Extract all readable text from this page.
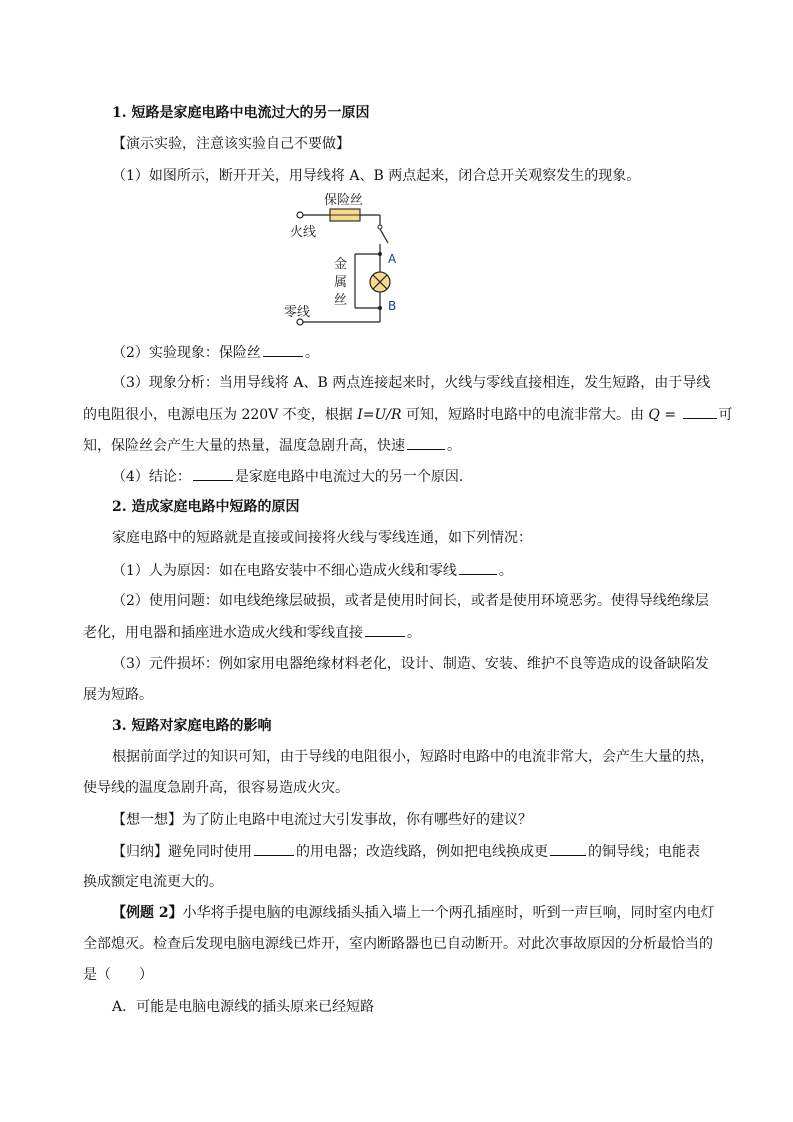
1. 短路是家庭电路中电流过大的另一原因
【演示实验，注意该实验自己不要做】
（1）如图所示，断开开关，用导线将 A、B 两点起来，闭合总开关观察发生的现象。
保险丝
火线
零线
金
属
丝
A
B
（2）实验现象：保险丝	。
（3）现象分析：当用导线将 A、B 两点连接起来时，火线与零线直接相连，发生短路，由于导线
的电阻很小，电源电压为 220V 不变，根据 I=U/R 可知，短路时电路中的电流非常大。由 Q =	可
知，保险丝会产生大量的热量，温度急剧升高，快速	。
（4）结论：	是家庭电路中电流过大的另一个原因.
2. 造成家庭电路中短路的原因
家庭电路中的短路就是直接或间接将火线与零线连通，如下列情况：
（1）人为原因：如在电路安装中不细心造成火线和零线	。
（2）使用问题：如电线绝缘层破损，或者是使用时间长，或者是使用环境恶劣。使得导线绝缘层
老化，用电器和插座进水造成火线和零线直接	。
（3）元件损坏：例如家用电器绝缘材料老化，设计、制造、安装、维护不良等造成的设备缺陷发
展为短路。
3. 短路对家庭电路的影响
根据前面学过的知识可知，由于导线的电阻很小，短路时电路中的电流非常大，会产生大量的热，
使导线的温度急剧升高，很容易造成火灾。
【想一想】为了防止电路中电流过大引发事故，你有哪些好的建议？
【归纳】避免同时使用	的用电器；改造线路，例如把电线换成更	的铜导线；电能表
换成额定电流更大的。
【例题 2】小华将手提电脑的电源线插头插入墙上一个两孔插座时，听到一声巨响，同时室内电灯
全部熄灭。检查后发现电脑电源线已炸开，室内断路器也已自动断开。对此次事故原因的分析最恰当的
是（　　）
A．可能是电脑电源线的插头原来已经短路
